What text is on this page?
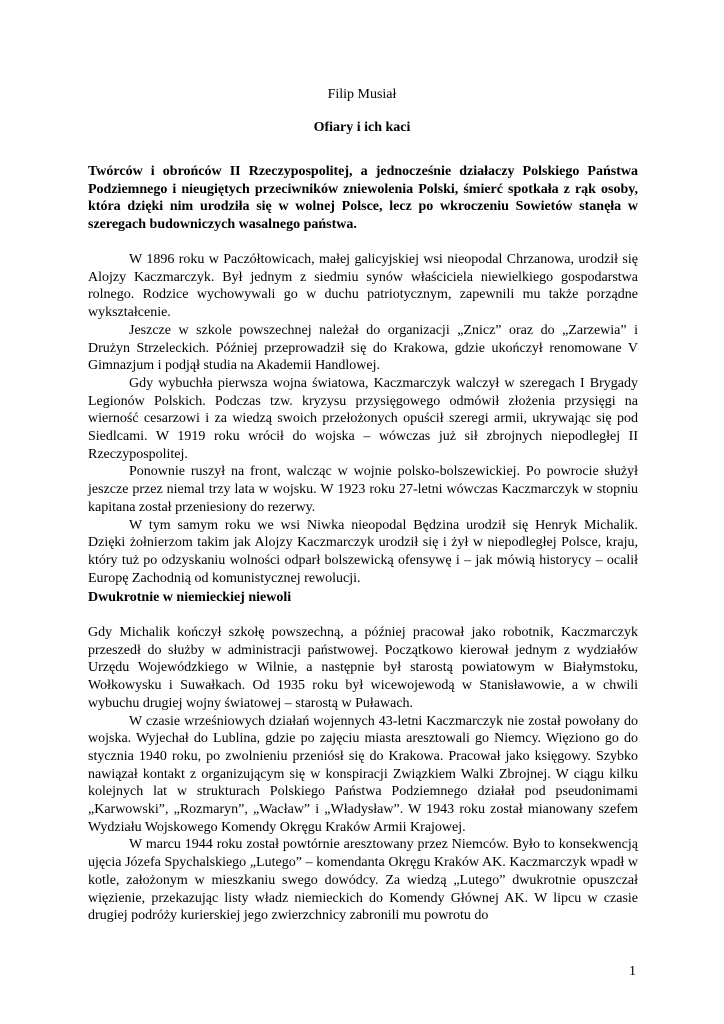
Filip Musiał
Ofiary i ich kaci

Twórców i obrońców II Rzeczypospolitej, a jednocześnie działaczy Polskiego Państwa Podziemnego i nieugiętych przeciwników zniewolenia Polski, śmierć spotkała z rąk osoby, która dzięki nim urodziła się w wolnej Polsce, lecz po wkroczeniu Sowietów stanęła w szeregach budowniczych wasalnego państwa.

W 1896 roku w Paczółtowicach, małej galicyjskiej wsi nieopodal Chrzanowa, urodził się Alojzy Kaczmarczyk. Był jednym z siedmiu synów właściciela niewielkiego gospodarstwa rolnego. Rodzice wychowywali go w duchu patriotycznym, zapewnili mu także porządne wykształcenie.

Jeszcze w szkole powszechnej należał do organizacji „Znicz” oraz do „Zarzewia” i Drużyn Strzeleckich. Później przeprowadził się do Krakowa, gdzie ukończył renomowane V Gimnazjum i podjął studia na Akademii Handlowej.

Gdy wybuchła pierwsza wojna światowa, Kaczmarczyk walczył w szeregach I Brygady Legionów Polskich. Podczas tzw. kryzysu przysięgowego odmówił złożenia przysięgi na wierność cesarzowi i za wiedzą swoich przełożonych opuścił szeregi armii, ukrywając się pod Siedlcami. W 1919 roku wrócił do wojska – wówczas już sił zbrojnych niepodległej II Rzeczypospolitej.

Ponownie ruszył na front, walcząc w wojnie polsko-bolszewickiej. Po powrocie służył jeszcze przez niemal trzy lata w wojsku. W 1923 roku 27-letni wówczas Kaczmarczyk w stopniu kapitana został przeniesiony do rezerwy.

W tym samym roku we wsi Niwka nieopodal Będzina urodził się Henryk Michalik. Dzięki żołnierzom takim jak Alojzy Kaczmarczyk urodził się i żył w niepodległej Polsce, kraju, który tuż po odzyskaniu wolności odparł bolszewicką ofensywę i – jak mówią historycy – ocalił Europę Zachodnią od komunistycznej rewolucji.

Dwukrotnie w niemieckiej niewoli

Gdy Michalik kończył szkołę powszechną, a później pracował jako robotnik, Kaczmarczyk przeszedł do służby w administracji państwowej. Początkowo kierował jednym z wydziałów Urzędu Wojewódzkiego w Wilnie, a następnie był starostą powiatowym w Białymstoku, Wołkowysku i Suwałkach. Od 1935 roku był wicewojewodą w Stanisławowie, a w chwili wybuchu drugiej wojny światowej – starostą w Puławach.

W czasie wrześniowych działań wojennych 43-letni Kaczmarczyk nie został powołany do wojska. Wyjechał do Lublina, gdzie po zajęciu miasta aresztowali go Niemcy. Więziono go do stycznia 1940 roku, po zwolnieniu przeniósł się do Krakowa. Pracował jako księgowy. Szybko nawiązał kontakt z organizującym się w konspiracji Związkiem Walki Zbrojnej. W ciągu kilku kolejnych lat w strukturach Polskiego Państwa Podziemnego działał pod pseudonimami „Karwowski”, „Rozmaryn”, „Wacław” i „Władysław”. W 1943 roku został mianowany szefem Wydziału Wojskowego Komendy Okręgu Kraków Armii Krajowej.

W marcu 1944 roku został powtórnie aresztowany przez Niemców. Było to konsekwencją ujęcia Józefa Spychalskiego „Lutego” – komendanta Okręgu Kraków AK. Kaczmarczyk wpadł w kotle, założonym w mieszkaniu swego dowódcy. Za wiedzą „Lutego” dwukrotnie opuszczał więzienie, przekazując listy władz niemieckich do Komendy Głównej AK. W lipcu w czasie drugiej podróży kurierskiej jego zwierzchnicy zabronili mu powrotu do

1
